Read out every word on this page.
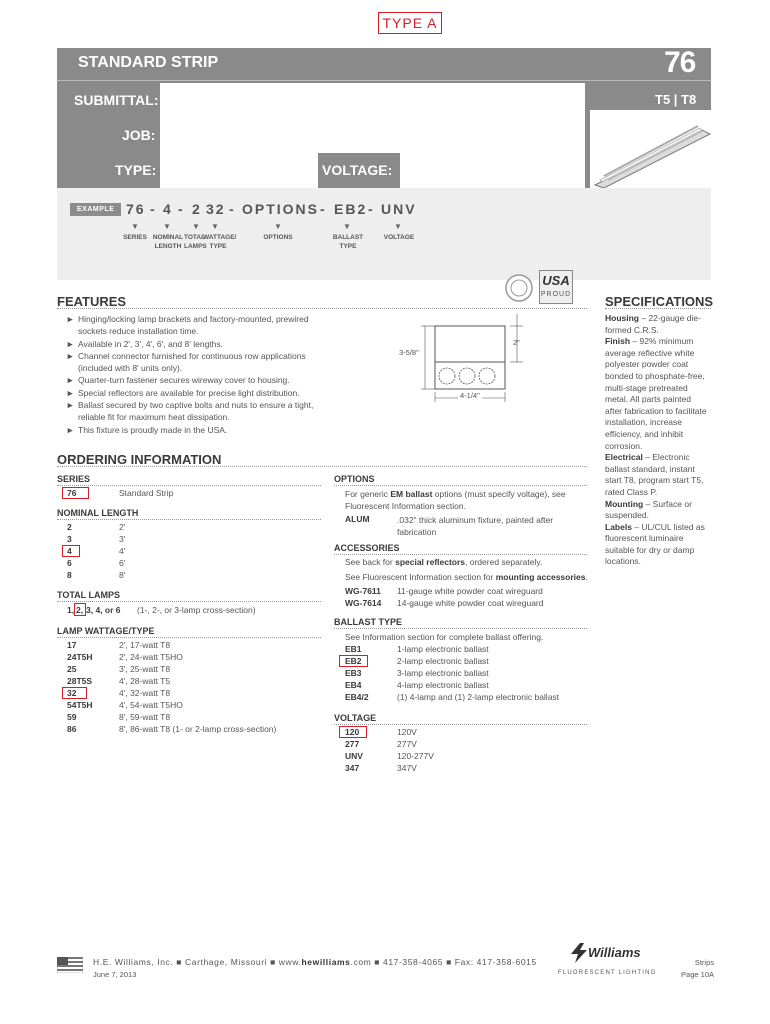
TYPE A
STANDARD STRIP	76
T5 | T8
SUBMITTAL:
JOB:
TYPE:	VOLTAGE:
EXAMPLE 76 - 4 - 2 32 - OPTIONS - EB2 - UNV
▼	▼	▼ ▼	▼	▼	▼
SERIES NOMINAL
LENGTH
TOTAL
LAMPS
WATTAGE/
TYPE
OPTIONS	BALLAST
TYPE
VOLTAGE
USA
PROUD
FEATURES
► Hinging/locking lamp brackets and factory-mounted, prewired sockets reduce installation time.
► Available in 2', 3', 4', 6', and 8' lengths.
► Channel connector furnished for continuous row applications (included with 8' units only).
► Quarter-turn fastener secures wireway cover to housing.
► Special reflectors are available for precise light distribution.
► Ballast secured by two captive bolts and nuts to ensure a tight, reliable fit for maximum heat dissipation.
► This fixture is proudly made in the USA.
3-5/8"
2"
4-1/4"
SPECIFICATIONS

Housing – 22-gauge die-formed C.R.S.

Finish – 92% minimum average reflective white polyester powder coat bonded to phosphate-free, multi-stage pretreated metal. All parts painted after fabrication to facilitate installation, increase efficiency, and inhibit corrosion.

Electrical – Electronic ballast standard, instant start T8, program start T5, rated Class P.

Mounting – Surface or suspended.

Labels – UL/CUL listed as fluorescent luminaire suitable for dry or damp locations.

ORDERING INFORMATION
SERIES
76	Standard Strip
NOMINAL LENGTH
2	2'
3	3'
4	4'
6	6'
8	8'
TOTAL LAMPS
1, 2, 3, 4, or 6 (1-, 2-, or 3-lamp cross-section)
LAMP WATTAGE/TYPE
17	2', 17-watt T8
24T5H	2', 24-watt T5HO
25	3', 25-watt T8
28T5S	4', 28-watt T5
32	4', 32-watt T8
54T5H	4', 54-watt T5HO
59	8', 59-watt T8
86	8', 86-watt T8 (1- or 2-lamp cross-section)
OPTIONS
For generic EM ballast options (must specify voltage), see Fluorescent Information section.
ALUM	.032" thick aluminum fixture, painted after fabrication
ACCESSORIES
See back for special reflectors, ordered separately.
See Fluorescent Information section for mounting accessories.
WG-7611 11-gauge white powder coat wireguard
WG-7614 14-gauge white powder coat wireguard
BALLAST TYPE
See Information section for complete ballast offering.
EB1	1-lamp electronic ballast
EB2	2-lamp electronic ballast
EB3	3-lamp electronic ballast
EB4	4-lamp electronic ballast
EB4/2	(1) 4-lamp and (1) 2-lamp electronic ballast
VOLTAGE
120	120V
277	277V
UNV	120-277V
347	347V
H.E. Williams, Inc. ■ Carthage, Missouri ■ www.hewilliams.com ■ 417-358-4065 ■ Fax: 417-358-6015
June 7, 2013
Williams
FLUORESCENT LIGHTING
Strips
Page 10A
